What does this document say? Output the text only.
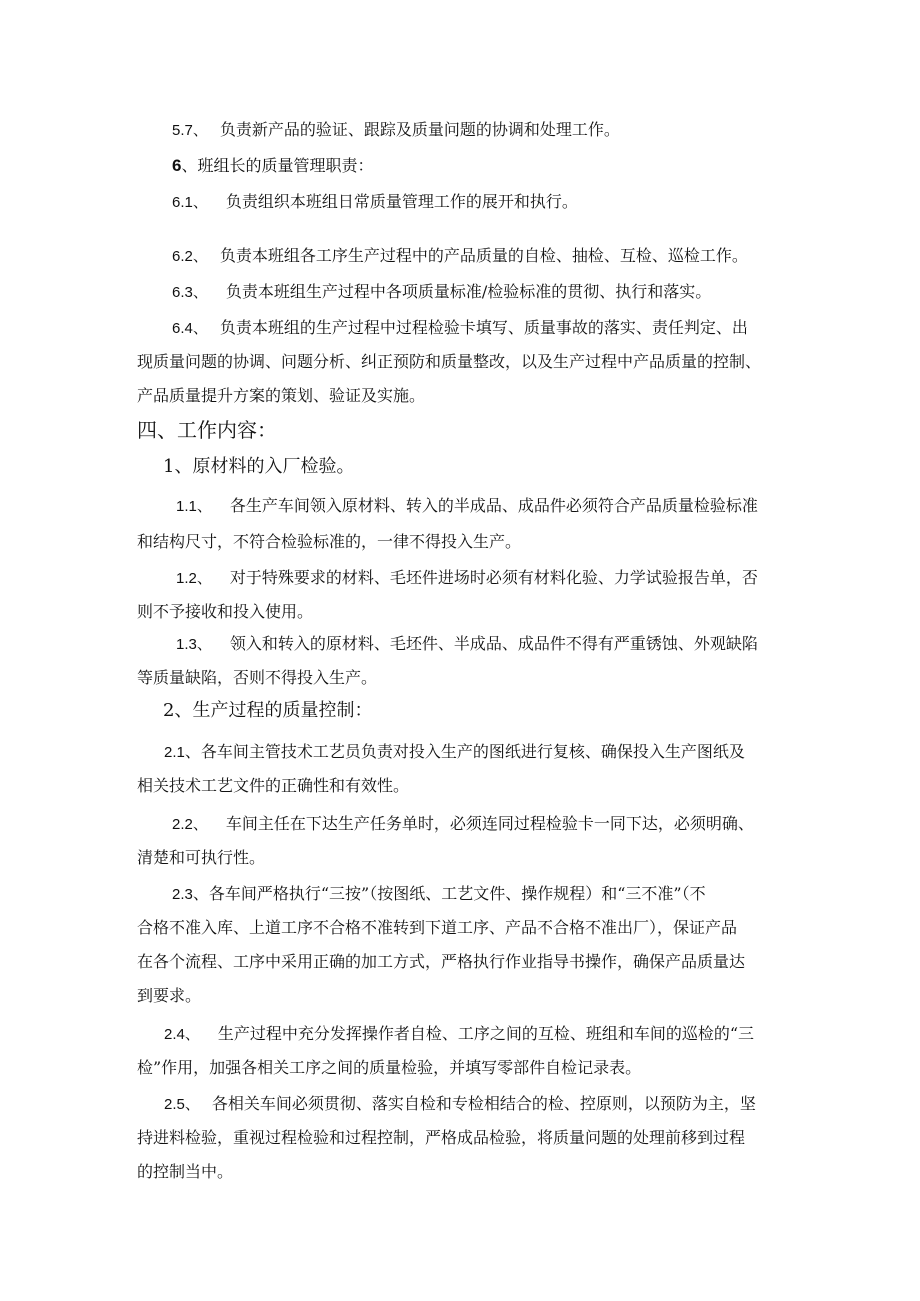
5.7、 负责新产品的验证、跟踪及质量问题的协调和处理工作。
6、班组长的质量管理职责：
6.1、 负责组织本班组日常质量管理工作的展开和执行。
6.2、 负责本班组各工序生产过程中的产品质量的自检、抽检、互检、巡检工作。
6.3、 负责本班组生产过程中各项质量标准/检验标准的贯彻、执行和落实。
6.4、 负责本班组的生产过程中过程检验卡填写、质量事故的落实、责任判定、出
现质量问题的协调、问题分析、纠正预防和质量整改，以及生产过程中产品质量的控制、
产品质量提升方案的策划、验证及实施。
四、工作内容：
1、原材料的入厂检验。
1.1、 各生产车间领入原材料、转入的半成品、成品件必须符合产品质量检验标准
和结构尺寸，不符合检验标准的，一律不得投入生产。
1.2、 对于特殊要求的材料、毛坯件进场时必须有材料化验、力学试验报告单，否
则不予接收和投入使用。
1.3、 领入和转入的原材料、毛坯件、半成品、成品件不得有严重锈蚀、外观缺陷
等质量缺陷，否则不得投入生产。
2、生产过程的质量控制：
2.1、各车间主管技术工艺员负责对投入生产的图纸进行复核、确保投入生产图纸及
相关技术工艺文件的正确性和有效性。
2.2、 车间主任在下达生产任务单时，必须连同过程检验卡一同下达，必须明确、
清楚和可执行性。
2.3、各车间严格执行“三按”（按图纸、工艺文件、操作规程）和“三不准”（不
合格不准入库、上道工序不合格不准转到下道工序、产品不合格不准出厂），保证产品
在各个流程、工序中采用正确的加工方式，严格执行作业指导书操作，确保产品质量达
到要求。
2.4、 生产过程中充分发挥操作者自检、工序之间的互检、班组和车间的巡检的“三
检”作用，加强各相关工序之间的质量检验，并填写零部件自检记录表。
2.5、 各相关车间必须贯彻、落实自检和专检相结合的检、控原则，以预防为主，坚
持进料检验，重视过程检验和过程控制，严格成品检验，将质量问题的处理前移到过程
的控制当中。
